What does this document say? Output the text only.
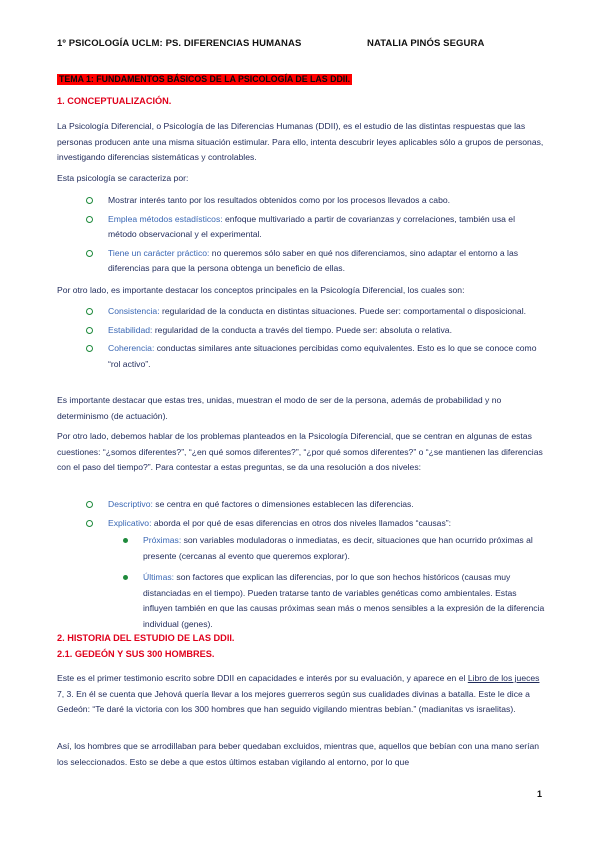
1º PSICOLOGÍA UCLM: PS. DIFERENCIAS HUMANAS	NATALIA PINÓS SEGURA
TEMA 1: FUNDAMENTOS BÁSICOS DE LA PSICOLOGÍA DE LAS DDII.
1. CONCEPTUALIZACIÓN.
La Psicología Diferencial, o Psicología de las Diferencias Humanas (DDII), es el estudio de las distintas respuestas que las personas producen ante una misma situación estimular. Para ello, intenta descubrir leyes aplicables sólo a grupos de personas, investigando diferencias sistemáticas y controlables.
Esta psicología se caracteriza por:
Mostrar interés tanto por los resultados obtenidos como por los procesos llevados a cabo.
Emplea métodos estadísticos: enfoque multivariado a partir de covarianzas y correlaciones, también usa el método observacional y el experimental.
Tiene un carácter práctico: no queremos sólo saber en qué nos diferenciamos, sino adaptar el entorno a las diferencias para que la persona obtenga un beneficio de ellas.
Por otro lado, es importante destacar los conceptos principales en la Psicología Diferencial, los cuales son:
Consistencia: regularidad de la conducta en distintas situaciones. Puede ser: comportamental o disposicional.
Estabilidad: regularidad de la conducta a través del tiempo. Puede ser: absoluta o relativa.
Coherencia: conductas similares ante situaciones percibidas como equivalentes. Esto es lo que se conoce como “rol activo”.
Es importante destacar que estas tres, unidas, muestran el modo de ser de la persona, además de probabilidad y no determinismo (de actuación).
Por otro lado, debemos hablar de los problemas planteados en la Psicología Diferencial, que se centran en algunas de estas cuestiones: “¿somos diferentes?”, “¿en qué somos diferentes?”, “¿por qué somos diferentes?” o “¿se mantienen las diferencias con el paso del tiempo?”. Para contestar a estas preguntas, se da una resolución a dos niveles:
Descriptivo: se centra en qué factores o dimensiones establecen las diferencias.
Explicativo: aborda el por qué de esas diferencias en otros dos niveles llamados “causas”:
Próximas: son variables moduladoras o inmediatas, es decir, situaciones que han ocurrido próximas al presente (cercanas al evento que queremos explorar).
Últimas: son factores que explican las diferencias, por lo que son hechos históricos (causas muy distanciadas en el tiempo). Pueden tratarse tanto de variables genéticas como ambientales. Estas influyen también en que las causas próximas sean más o menos sensibles a la expresión de la diferencia individual (genes).
2. HISTORIA DEL ESTUDIO DE LAS DDII.
2.1. GEDEÓN Y SUS 300 HOMBRES.
Este es el primer testimonio escrito sobre DDII en capacidades e interés por su evaluación, y aparece en el Libro de los jueces 7, 3. En él se cuenta que Jehová quería llevar a los mejores guerreros según sus cualidades divinas a batalla. Este le dice a Gedeón: “Te daré la victoria con los 300 hombres que han seguido vigilando mientras bebían.” (madianitas vs israelitas).
Así, los hombres que se arrodillaban para beber quedaban excluidos, mientras que, aquellos que bebían con una mano serían los seleccionados. Esto se debe a que estos últimos estaban vigilando al entorno, por lo que
1
